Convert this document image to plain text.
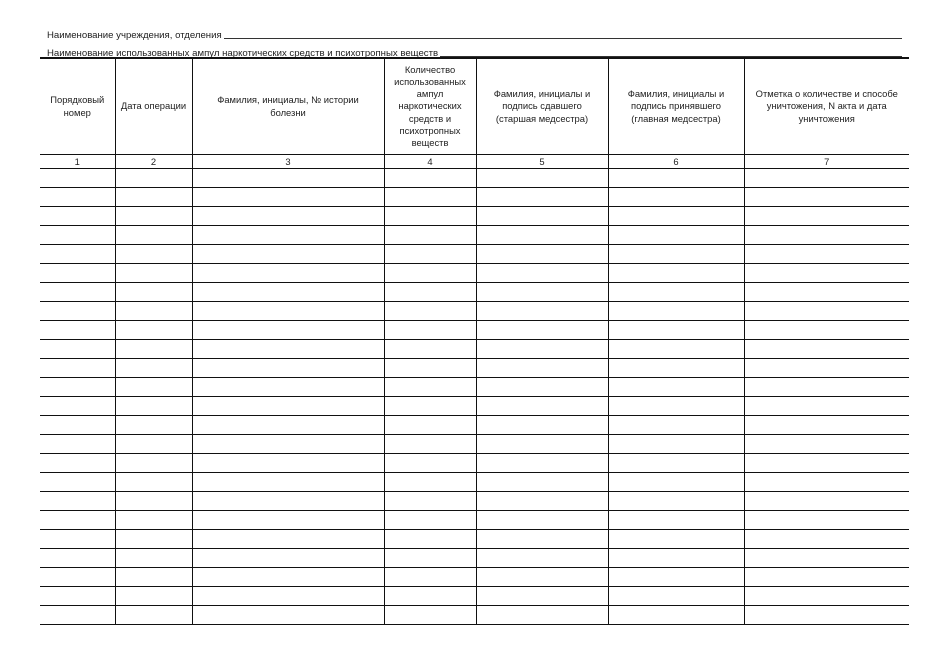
Наименование учреждения, отделения
Наименование использованных ампул наркотических средств и психотропных веществ
Порядковый номер	Дата операции	Фамилия, инициалы, № истории болезни	Количество использованных ампул наркотических средств и психотропных веществ	Фамилия, инициалы и подпись сдавшего (старшая медсестра)	Фамилия, инициалы и подпись принявшего (главная медсестра)	Отметка о количестве и способе уничтожения, N акта и дата уничтожения

1	2	3	4	5	6	7
